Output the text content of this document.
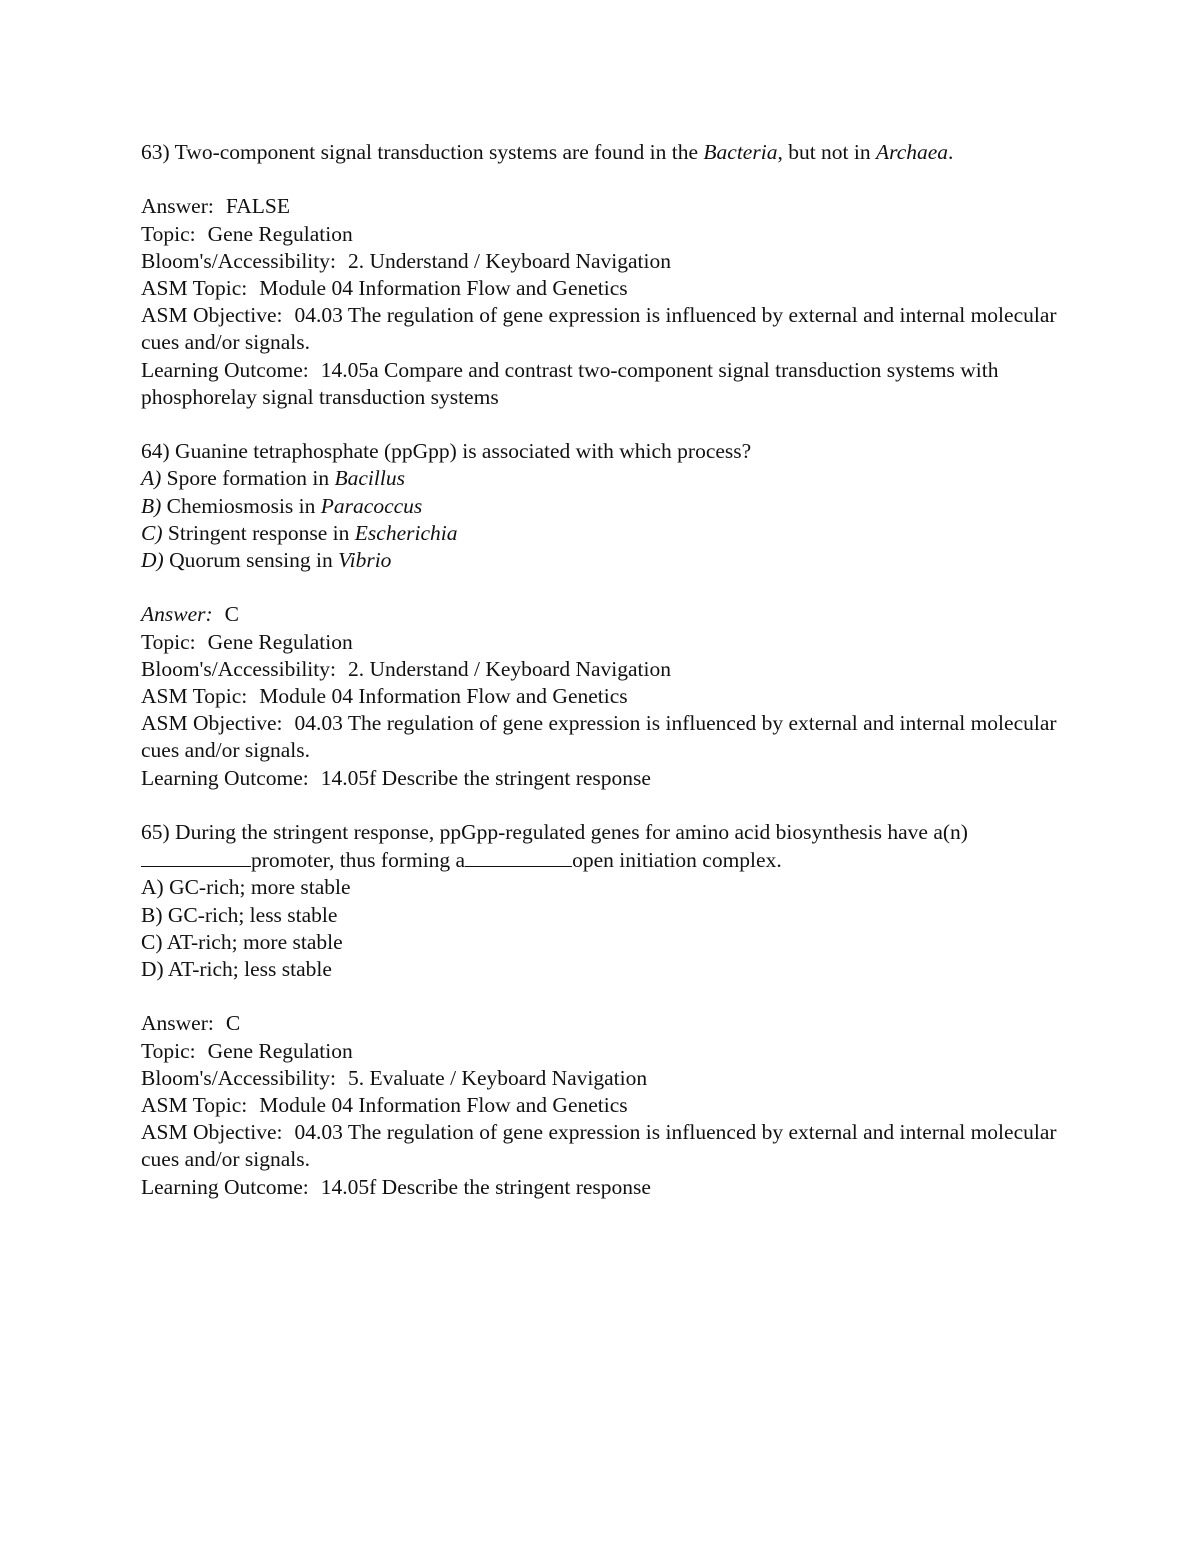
63) Two-component signal transduction systems are found in the Bacteria, but not in Archaea.
Answer: FALSE
Topic: Gene Regulation
Bloom's/Accessibility: 2. Understand / Keyboard Navigation
ASM Topic: Module 04 Information Flow and Genetics
ASM Objective: 04.03 The regulation of gene expression is influenced by external and internal molecular cues and/or signals.
Learning Outcome: 14.05a Compare and contrast two-component signal transduction systems with phosphorelay signal transduction systems
64) Guanine tetraphosphate (ppGpp) is associated with which process?
A) Spore formation in Bacillus
B) Chemiosmosis in Paracoccus
C) Stringent response in Escherichia
D) Quorum sensing in Vibrio
Answer: C
Topic: Gene Regulation
Bloom's/Accessibility: 2. Understand / Keyboard Navigation
ASM Topic: Module 04 Information Flow and Genetics
ASM Objective: 04.03 The regulation of gene expression is influenced by external and internal molecular cues and/or signals.
Learning Outcome: 14.05f Describe the stringent response
65) During the stringent response, ppGpp-regulated genes for amino acid biosynthesis have a(n)
promoter, thus forming a	open initiation complex.
A) GC-rich; more stable
B) GC-rich; less stable
C) AT-rich; more stable
D) AT-rich; less stable
Answer: C
Topic: Gene Regulation
Bloom's/Accessibility: 5. Evaluate / Keyboard Navigation
ASM Topic: Module 04 Information Flow and Genetics
ASM Objective: 04.03 The regulation of gene expression is influenced by external and internal molecular cues and/or signals.
Learning Outcome: 14.05f Describe the stringent response
